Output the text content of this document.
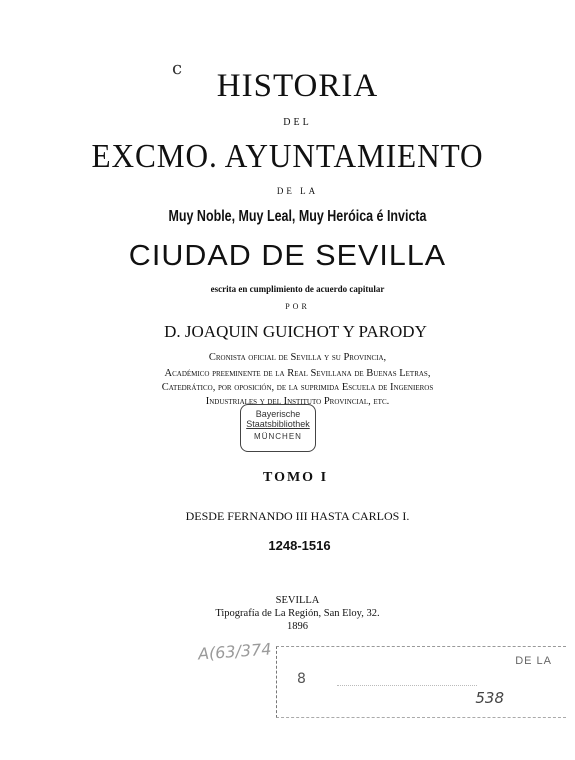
c	HISTORIA
DEL
EXCMO. AYUNTAMIENTO
DE LA
Muy Noble, Muy Leal, Muy Heróica é Invicta
CIUDAD DE SEVILLA
escrita en cumplimiento de acuerdo capitular
POR
D. JOAQUIN GUICHOT Y PARODY
Cronista oficial de Sevilla y su Provincia,
Académico preeminente de la Real Sevillana de Buenas Letras,
Catedrático, por oposición, de la suprimida Escuela de Ingenieros
Industriales y del Instituto Provincial, etc.
Bayerische
Staatsbibliothek
MÜNCHEN
TOMO I
DESDE FERNANDO III HASTA CARLOS I.
1248-1516
SEVILLA
Tipografía de La Región, San Eloy, 32.
1896
A(63/374	DE LA
8
538
